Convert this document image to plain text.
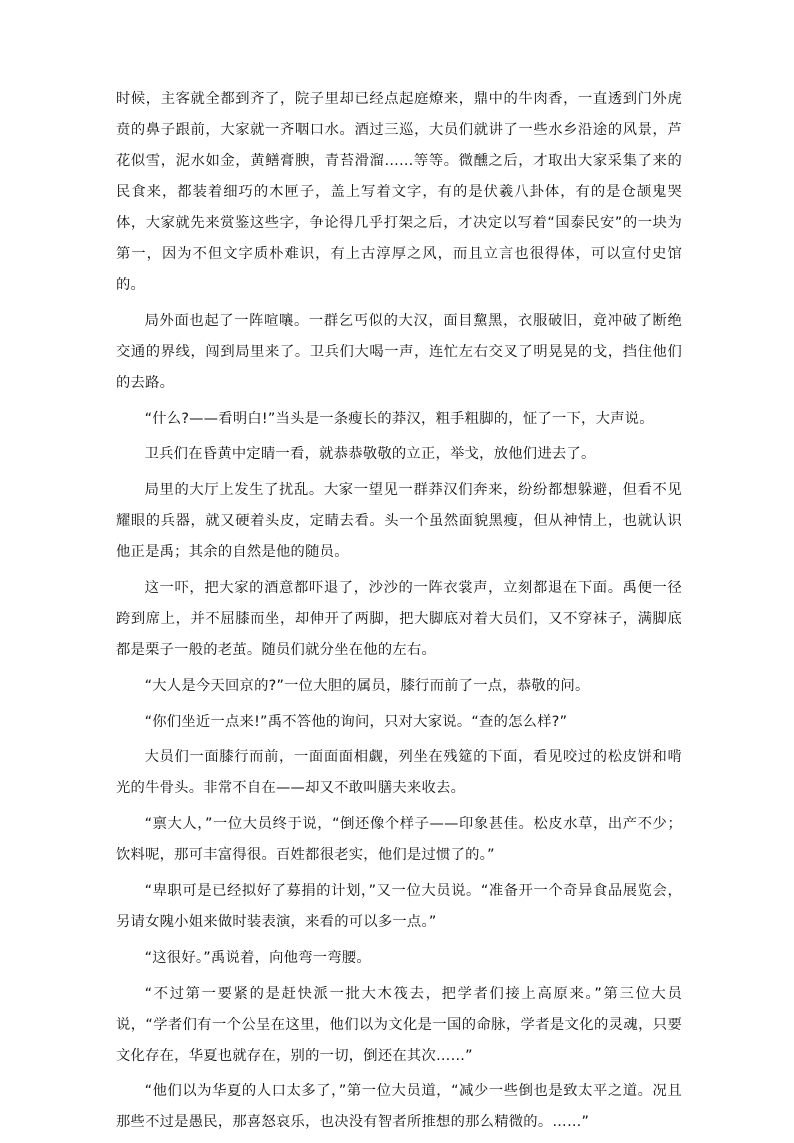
时候，主客就全都到齐了，院子里却已经点起庭燎来，鼎中的牛肉香，一直透到门外虎贲的鼻子跟前，大家就一齐咽口水。酒过三巡，大员们就讲了一些水乡沿途的风景，芦花似雪，泥水如金，黄鳝膏腴，青苔滑溜……等等。微醺之后，才取出大家采集了来的民食来，都装着细巧的木匣子，盖上写着文字，有的是伏羲八卦体，有的是仓颉鬼哭体，大家就先来赏鉴这些字，争论得几乎打架之后，才决定以写着“国泰民安”的一块为第一，因为不但文字质朴难识，有上古淳厚之风，而且立言也很得体，可以宣付史馆的。

局外面也起了一阵喧嚷。一群乞丐似的大汉，面目黧黑，衣服破旧，竟冲破了断绝交通的界线，闯到局里来了。卫兵们大喝一声，连忙左右交叉了明晃晃的戈，挡住他们的去路。

“什么?——看明白!”当头是一条瘦长的莽汉，粗手粗脚的，怔了一下，大声说。

卫兵们在昏黄中定睛一看，就恭恭敬敬的立正，举戈，放他们进去了。

局里的大厅上发生了扰乱。大家一望见一群莽汉们奔来，纷纷都想躲避，但看不见耀眼的兵器，就又硬着头皮，定睛去看。头一个虽然面貌黑瘦，但从神情上，也就认识他正是禹；其余的自然是他的随员。

这一吓，把大家的酒意都吓退了，沙沙的一阵衣裳声，立刻都退在下面。禹便一径跨到席上，并不屈膝而坐，却伸开了两脚，把大脚底对着大员们，又不穿袜子，满脚底都是栗子一般的老茧。随员们就分坐在他的左右。

“大人是今天回京的?”一位大胆的属员，膝行而前了一点，恭敬的问。

“你们坐近一点来!”禹不答他的询问，只对大家说。“查的怎么样?”

大员们一面膝行而前，一面面面相觑，列坐在残筵的下面，看见咬过的松皮饼和啃光的牛骨头。非常不自在——却又不敢叫膳夫来收去。

“禀大人，”一位大员终于说，“倒还像个样子——印象甚佳。松皮水草，出产不少；饮料呢，那可丰富得很。百姓都很老实，他们是过惯了的。”

“卑职可是已经拟好了募捐的计划，”又一位大员说。“准备开一个奇异食品展览会，另请女隗小姐来做时装表演，来看的可以多一点。”

“这很好。”禹说着，向他弯一弯腰。

“不过第一要紧的是赶快派一批大木筏去，把学者们接上高原来。”第三位大员说，“学者们有一个公呈在这里，他们以为文化是一国的命脉，学者是文化的灵魂，只要文化存在，华夏也就存在，别的一切，倒还在其次……”

“他们以为华夏的人口太多了，”第一位大员道，“减少一些倒也是致太平之道。况且那些不过是愚民，那喜怒哀乐，也决没有智者所推想的那么精微的。……”
